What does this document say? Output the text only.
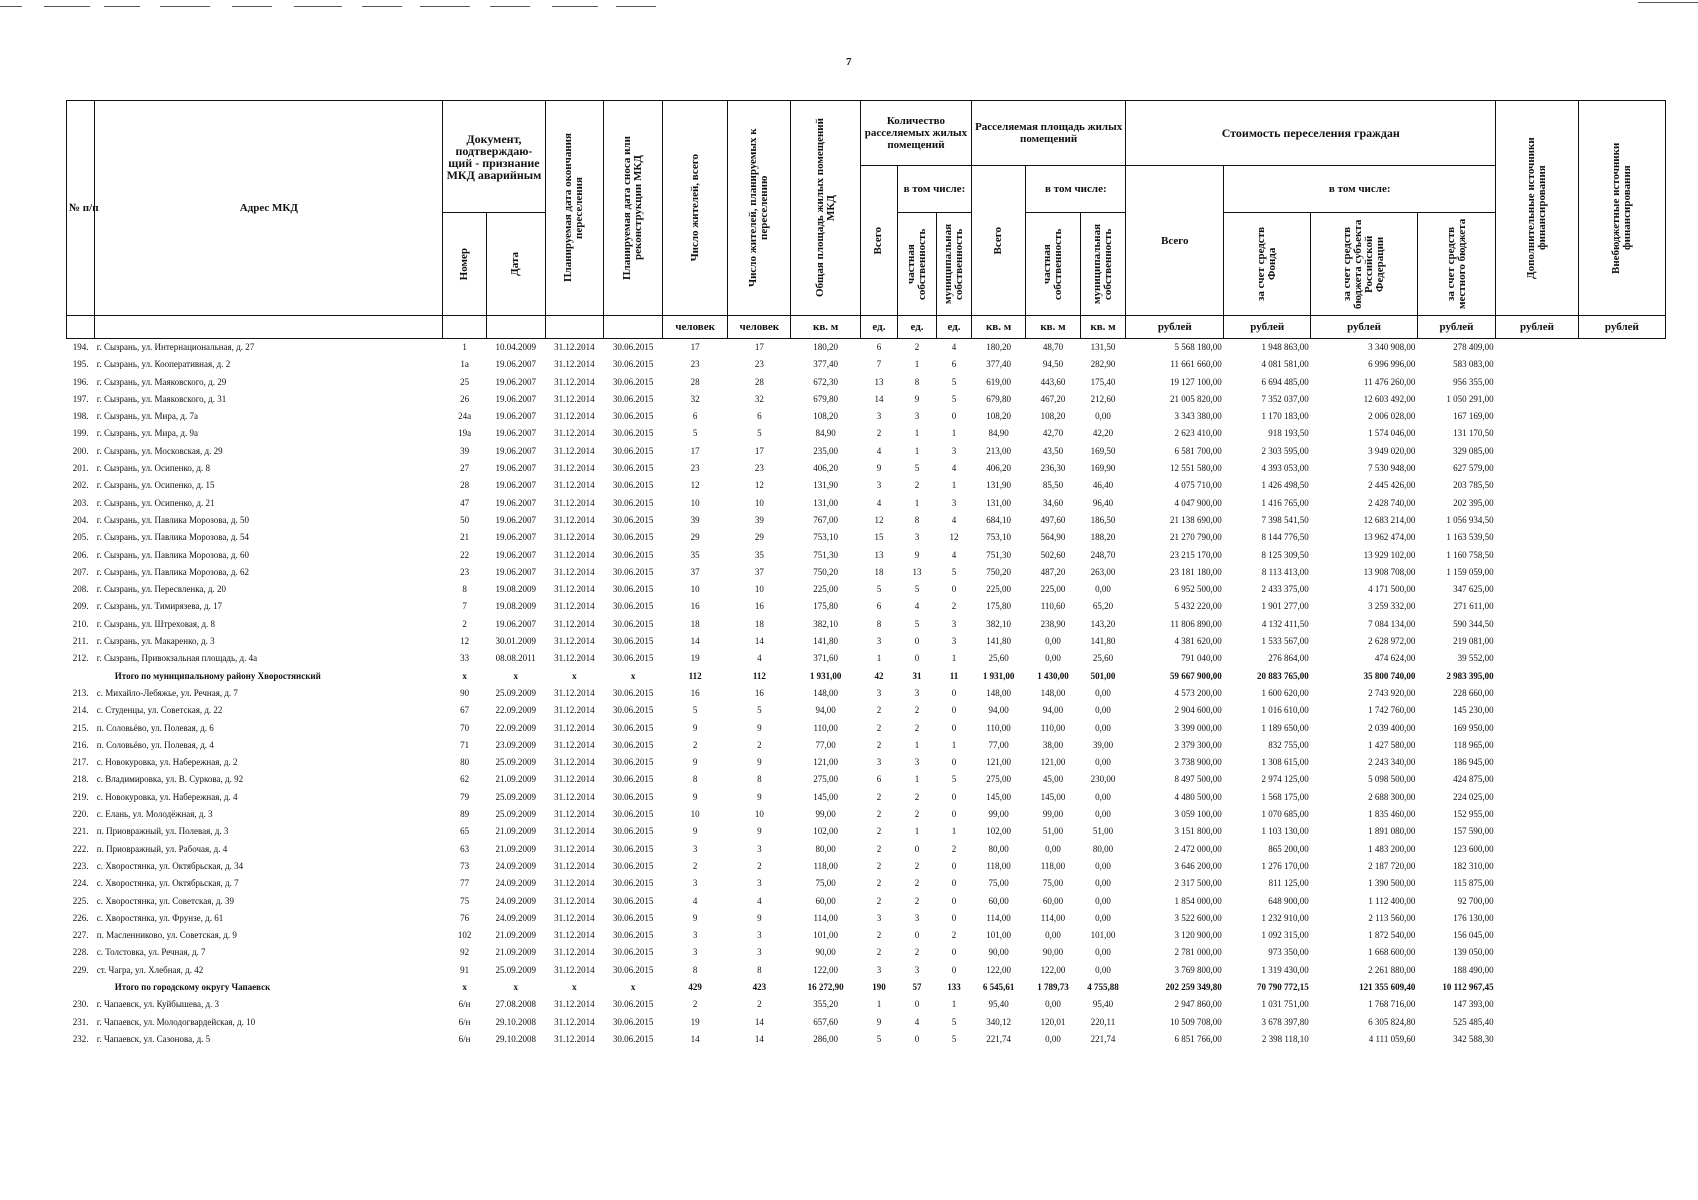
7
№ п/п	Адрес МКД	Документ, подтверждаю-щий - признание МКД аварийным		Планируемая дата окончания переселения	Планируемая дата сноса или реконструкции МКД	Число жителей, всего	Число жителей, планируемых к переселению	Общая площадь жилых помещений МКД	Количество расселяемых жилых помещений			Расселяемая площадь жилых помещений			Стоимость переселения граждан				Дополнительные источники финансирования	Внебюджетные источники финансирования

									Всего	в том числе:		Всего	в том числе:		Всего	в том числе:				

		Номер	Дата							частная собственность	муниципальная собственность		частная собственность	муниципальная собственность		за счет средств Фонда	за счет средств бюджета субъекта Российской Федерации	за счет средств местного бюджета		

						человек	человек	кв. м	ед.	ед.	ед.	кв. м	кв. м	кв. м	рублей	рублей	рублей	рублей	рублей	рублей
194.	г. Сызрань, ул. Интернациональная, д. 27	1	10.04.2009	31.12.2014	30.06.2015	17	17	180,20	6	2	4	180,20	48,70	131,50	5 568 180,00	1 948 863,00	3 340 908,00	278 409,00		
195.	г. Сызрань, ул. Кооперативная, д. 2	1а	19.06.2007	31.12.2014	30.06.2015	23	23	377,40	7	1	6	377,40	94,50	282,90	11 661 660,00	4 081 581,00	6 996 996,00	583 083,00		
196.	г. Сызрань, ул. Маяковского, д. 29	25	19.06.2007	31.12.2014	30.06.2015	28	28	672,30	13	8	5	619,00	443,60	175,40	19 127 100,00	6 694 485,00	11 476 260,00	956 355,00		
197.	г. Сызрань, ул. Маяковского, д. 31	26	19.06.2007	31.12.2014	30.06.2015	32	32	679,80	14	9	5	679,80	467,20	212,60	21 005 820,00	7 352 037,00	12 603 492,00	1 050 291,00		
198.	г. Сызрань, ул. Мира, д. 7а	24а	19.06.2007	31.12.2014	30.06.2015	6	6	108,20	3	3	0	108,20	108,20	0,00	3 343 380,00	1 170 183,00	2 006 028,00	167 169,00		
199.	г. Сызрань, ул. Мира, д. 9а	19а	19.06.2007	31.12.2014	30.06.2015	5	5	84,90	2	1	1	84,90	42,70	42,20	2 623 410,00	918 193,50	1 574 046,00	131 170,50		
200.	г. Сызрань, ул. Московская, д. 29	39	19.06.2007	31.12.2014	30.06.2015	17	17	235,00	4	1	3	213,00	43,50	169,50	6 581 700,00	2 303 595,00	3 949 020,00	329 085,00		
201.	г. Сызрань, ул. Осипенко, д. 8	27	19.06.2007	31.12.2014	30.06.2015	23	23	406,20	9	5	4	406,20	236,30	169,90	12 551 580,00	4 393 053,00	7 530 948,00	627 579,00		
202.	г. Сызрань, ул. Осипенко, д. 15	28	19.06.2007	31.12.2014	30.06.2015	12	12	131,90	3	2	1	131,90	85,50	46,40	4 075 710,00	1 426 498,50	2 445 426,00	203 785,50		
203.	г. Сызрань, ул. Осипенко, д. 21	47	19.06.2007	31.12.2014	30.06.2015	10	10	131,00	4	1	3	131,00	34,60	96,40	4 047 900,00	1 416 765,00	2 428 740,00	202 395,00		
204.	г. Сызрань, ул. Павлика Морозова, д. 50	50	19.06.2007	31.12.2014	30.06.2015	39	39	767,00	12	8	4	684,10	497,60	186,50	21 138 690,00	7 398 541,50	12 683 214,00	1 056 934,50		
205.	г. Сызрань, ул. Павлика Морозова, д. 54	21	19.06.2007	31.12.2014	30.06.2015	29	29	753,10	15	3	12	753,10	564,90	188,20	21 270 790,00	8 144 776,50	13 962 474,00	1 163 539,50		
206.	г. Сызрань, ул. Павлика Морозова, д. 60	22	19.06.2007	31.12.2014	30.06.2015	35	35	751,30	13	9	4	751,30	502,60	248,70	23 215 170,00	8 125 309,50	13 929 102,00	1 160 758,50		
207.	г. Сызрань, ул. Павлика Морозова, д. 62	23	19.06.2007	31.12.2014	30.06.2015	37	37	750,20	18	13	5	750,20	487,20	263,00	23 181 180,00	8 113 413,00	13 908 708,00	1 159 059,00		
208.	г. Сызрань, ул. Пересвленка, д. 20	8	19.08.2009	31.12.2014	30.06.2015	10	10	225,00	5	5	0	225,00	225,00	0,00	6 952 500,00	2 433 375,00	4 171 500,00	347 625,00		
209.	г. Сызрань, ул. Тимирязева, д. 17	7	19.08.2009	31.12.2014	30.06.2015	16	16	175,80	6	4	2	175,80	110,60	65,20	5 432 220,00	1 901 277,00	3 259 332,00	271 611,00		
210.	г. Сызрань, ул. Штреховая, д. 8	2	19.06.2007	31.12.2014	30.06.2015	18	18	382,10	8	5	3	382,10	238,90	143,20	11 806 890,00	4 132 411,50	7 084 134,00	590 344,50		
211.	г. Сызрань, ул. Макаренко, д. 3	12	30.01.2009	31.12.2014	30.06.2015	14	14	141,80	3	0	3	141,80	0,00	141,80	4 381 620,00	1 533 567,00	2 628 972,00	219 081,00		
212.	г. Сызрань, Привокзальная площадь, д. 4а	33	08.08.2011	31.12.2014	30.06.2015	19	4	371,60	1	0	1	25,60	0,00	25,60	791 040,00	276 864,00	474 624,00	39 552,00		
	Итого по муниципальному району Хворостянский	x	x	x	x	112	112	1 931,00	42	31	11	1 931,00	1 430,00	501,00	59 667 900,00	20 883 765,00	35 800 740,00	2 983 395,00		
213.	с. Михайло-Лебяжье, ул. Речная, д. 7	90	25.09.2009	31.12.2014	30.06.2015	16	16	148,00	3	3	0	148,00	148,00	0,00	4 573 200,00	1 600 620,00	2 743 920,00	228 660,00		
214.	с. Студенцы, ул. Советская, д. 22	67	22.09.2009	31.12.2014	30.06.2015	5	5	94,00	2	2	0	94,00	94,00	0,00	2 904 600,00	1 016 610,00	1 742 760,00	145 230,00		
215.	п. Соловьёво, ул. Полевая, д. 6	70	22.09.2009	31.12.2014	30.06.2015	9	9	110,00	2	2	0	110,00	110,00	0,00	3 399 000,00	1 189 650,00	2 039 400,00	169 950,00		
216.	п. Соловьёво, ул. Полевая, д. 4	71	23.09.2009	31.12.2014	30.06.2015	2	2	77,00	2	1	1	77,00	38,00	39,00	2 379 300,00	832 755,00	1 427 580,00	118 965,00		
217.	с. Новокуровка, ул. Набережная, д. 2	80	25.09.2009	31.12.2014	30.06.2015	9	9	121,00	3	3	0	121,00	121,00	0,00	3 738 900,00	1 308 615,00	2 243 340,00	186 945,00		
218.	с. Владимировка, ул. В. Суркова, д. 92	62	21.09.2009	31.12.2014	30.06.2015	8	8	275,00	6	1	5	275,00	45,00	230,00	8 497 500,00	2 974 125,00	5 098 500,00	424 875,00		
219.	с. Новокуровка, ул. Набережная, д. 4	79	25.09.2009	31.12.2014	30.06.2015	9	9	145,00	2	2	0	145,00	145,00	0,00	4 480 500,00	1 568 175,00	2 688 300,00	224 025,00		
220.	с. Елань, ул. Молодёжная, д. 3	89	25.09.2009	31.12.2014	30.06.2015	10	10	99,00	2	2	0	99,00	99,00	0,00	3 059 100,00	1 070 685,00	1 835 460,00	152 955,00		
221.	п. Приовражный, ул. Полевая, д. 3	65	21.09.2009	31.12.2014	30.06.2015	9	9	102,00	2	1	1	102,00	51,00	51,00	3 151 800,00	1 103 130,00	1 891 080,00	157 590,00		
222.	п. Приовражный, ул. Рабочая, д. 4	63	21.09.2009	31.12.2014	30.06.2015	3	3	80,00	2	0	2	80,00	0,00	80,00	2 472 000,00	865 200,00	1 483 200,00	123 600,00		
223.	с. Хворостянка, ул. Октябрьская, д. 34	73	24.09.2009	31.12.2014	30.06.2015	2	2	118,00	2	2	0	118,00	118,00	0,00	3 646 200,00	1 276 170,00	2 187 720,00	182 310,00		
224.	с. Хворостянка, ул. Октябрьская, д. 7	77	24.09.2009	31.12.2014	30.06.2015	3	3	75,00	2	2	0	75,00	75,00	0,00	2 317 500,00	811 125,00	1 390 500,00	115 875,00		
225.	с. Хворостянка, ул. Советская, д. 39	75	24.09.2009	31.12.2014	30.06.2015	4	4	60,00	2	2	0	60,00	60,00	0,00	1 854 000,00	648 900,00	1 112 400,00	92 700,00		
226.	с. Хворостянка, ул. Фрунзе, д. 61	76	24.09.2009	31.12.2014	30.06.2015	9	9	114,00	3	3	0	114,00	114,00	0,00	3 522 600,00	1 232 910,00	2 113 560,00	176 130,00		
227.	п. Масленниково, ул. Советская, д. 9	102	21.09.2009	31.12.2014	30.06.2015	3	3	101,00	2	0	2	101,00	0,00	101,00	3 120 900,00	1 092 315,00	1 872 540,00	156 045,00		
228.	с. Толстовка, ул. Речная, д. 7	92	21.09.2009	31.12.2014	30.06.2015	3	3	90,00	2	2	0	90,00	90,00	0,00	2 781 000,00	973 350,00	1 668 600,00	139 050,00		
229.	ст. Чагра, ул. Хлебная, д. 42	91	25.09.2009	31.12.2014	30.06.2015	8	8	122,00	3	3	0	122,00	122,00	0,00	3 769 800,00	1 319 430,00	2 261 880,00	188 490,00		
	Итого по городскому округу Чапаевск	x	x	x	x	429	423	16 272,90	190	57	133	6 545,61	1 789,73	4 755,88	202 259 349,80	70 790 772,15	121 355 609,40	10 112 967,45		
230.	г. Чапаевск, ул. Куйбышева, д. 3	6/н	27.08.2008	31.12.2014	30.06.2015	2	2	355,20	1	0	1	95,40	0,00	95,40	2 947 860,00	1 031 751,00	1 768 716,00	147 393,00		
231.	г. Чапаевск, ул. Молодогвардейская, д. 10	6/н	29.10.2008	31.12.2014	30.06.2015	19	14	657,60	9	4	5	340,12	120,01	220,11	10 509 708,00	3 678 397,80	6 305 824,80	525 485,40		
232.	г. Чапаевск, ул. Сазонова, д. 5	6/н	29.10.2008	31.12.2014	30.06.2015	14	14	286,00	5	0	5	221,74	0,00	221,74	6 851 766,00	2 398 118,10	4 111 059,60	342 588,30		
